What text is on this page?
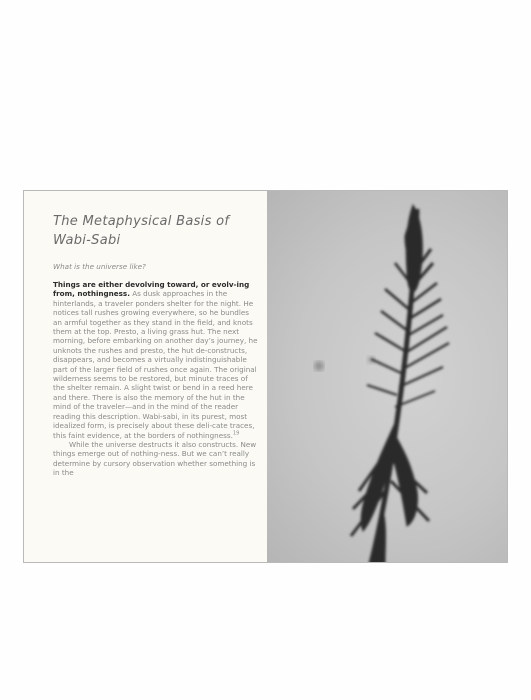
The Metaphysical Basis of
Wabi-Sabi
What is the universe like?

Things are either devolving toward, or evolv-ing from, nothingness. As dusk approaches in the hinterlands, a traveler ponders shelter for the night. He notices tall rushes growing everywhere, so he bundles an armful together as they stand in the field, and knots them at the top. Presto, a living grass hut. The next morning, before embarking on another day’s journey, he unknots the rushes and presto, the hut de-constructs, disappears, and becomes a virtually indistinguishable part of the larger field of rushes once again. The original wilderness seems to be restored, but minute traces of the shelter remain. A slight twist or bend in a reed here and there. There is also the memory of the hut in the mind of the traveler—and in the mind of the reader reading this description. Wabi-sabi, in its purest, most idealized form, is precisely about these deli-cate traces, this faint evidence, at the borders of nothingness.$^{19}$

While the universe destructs it also constructs. New things emerge out of nothing-ness. But we can’t really determine by cursory observation whether something is in the
